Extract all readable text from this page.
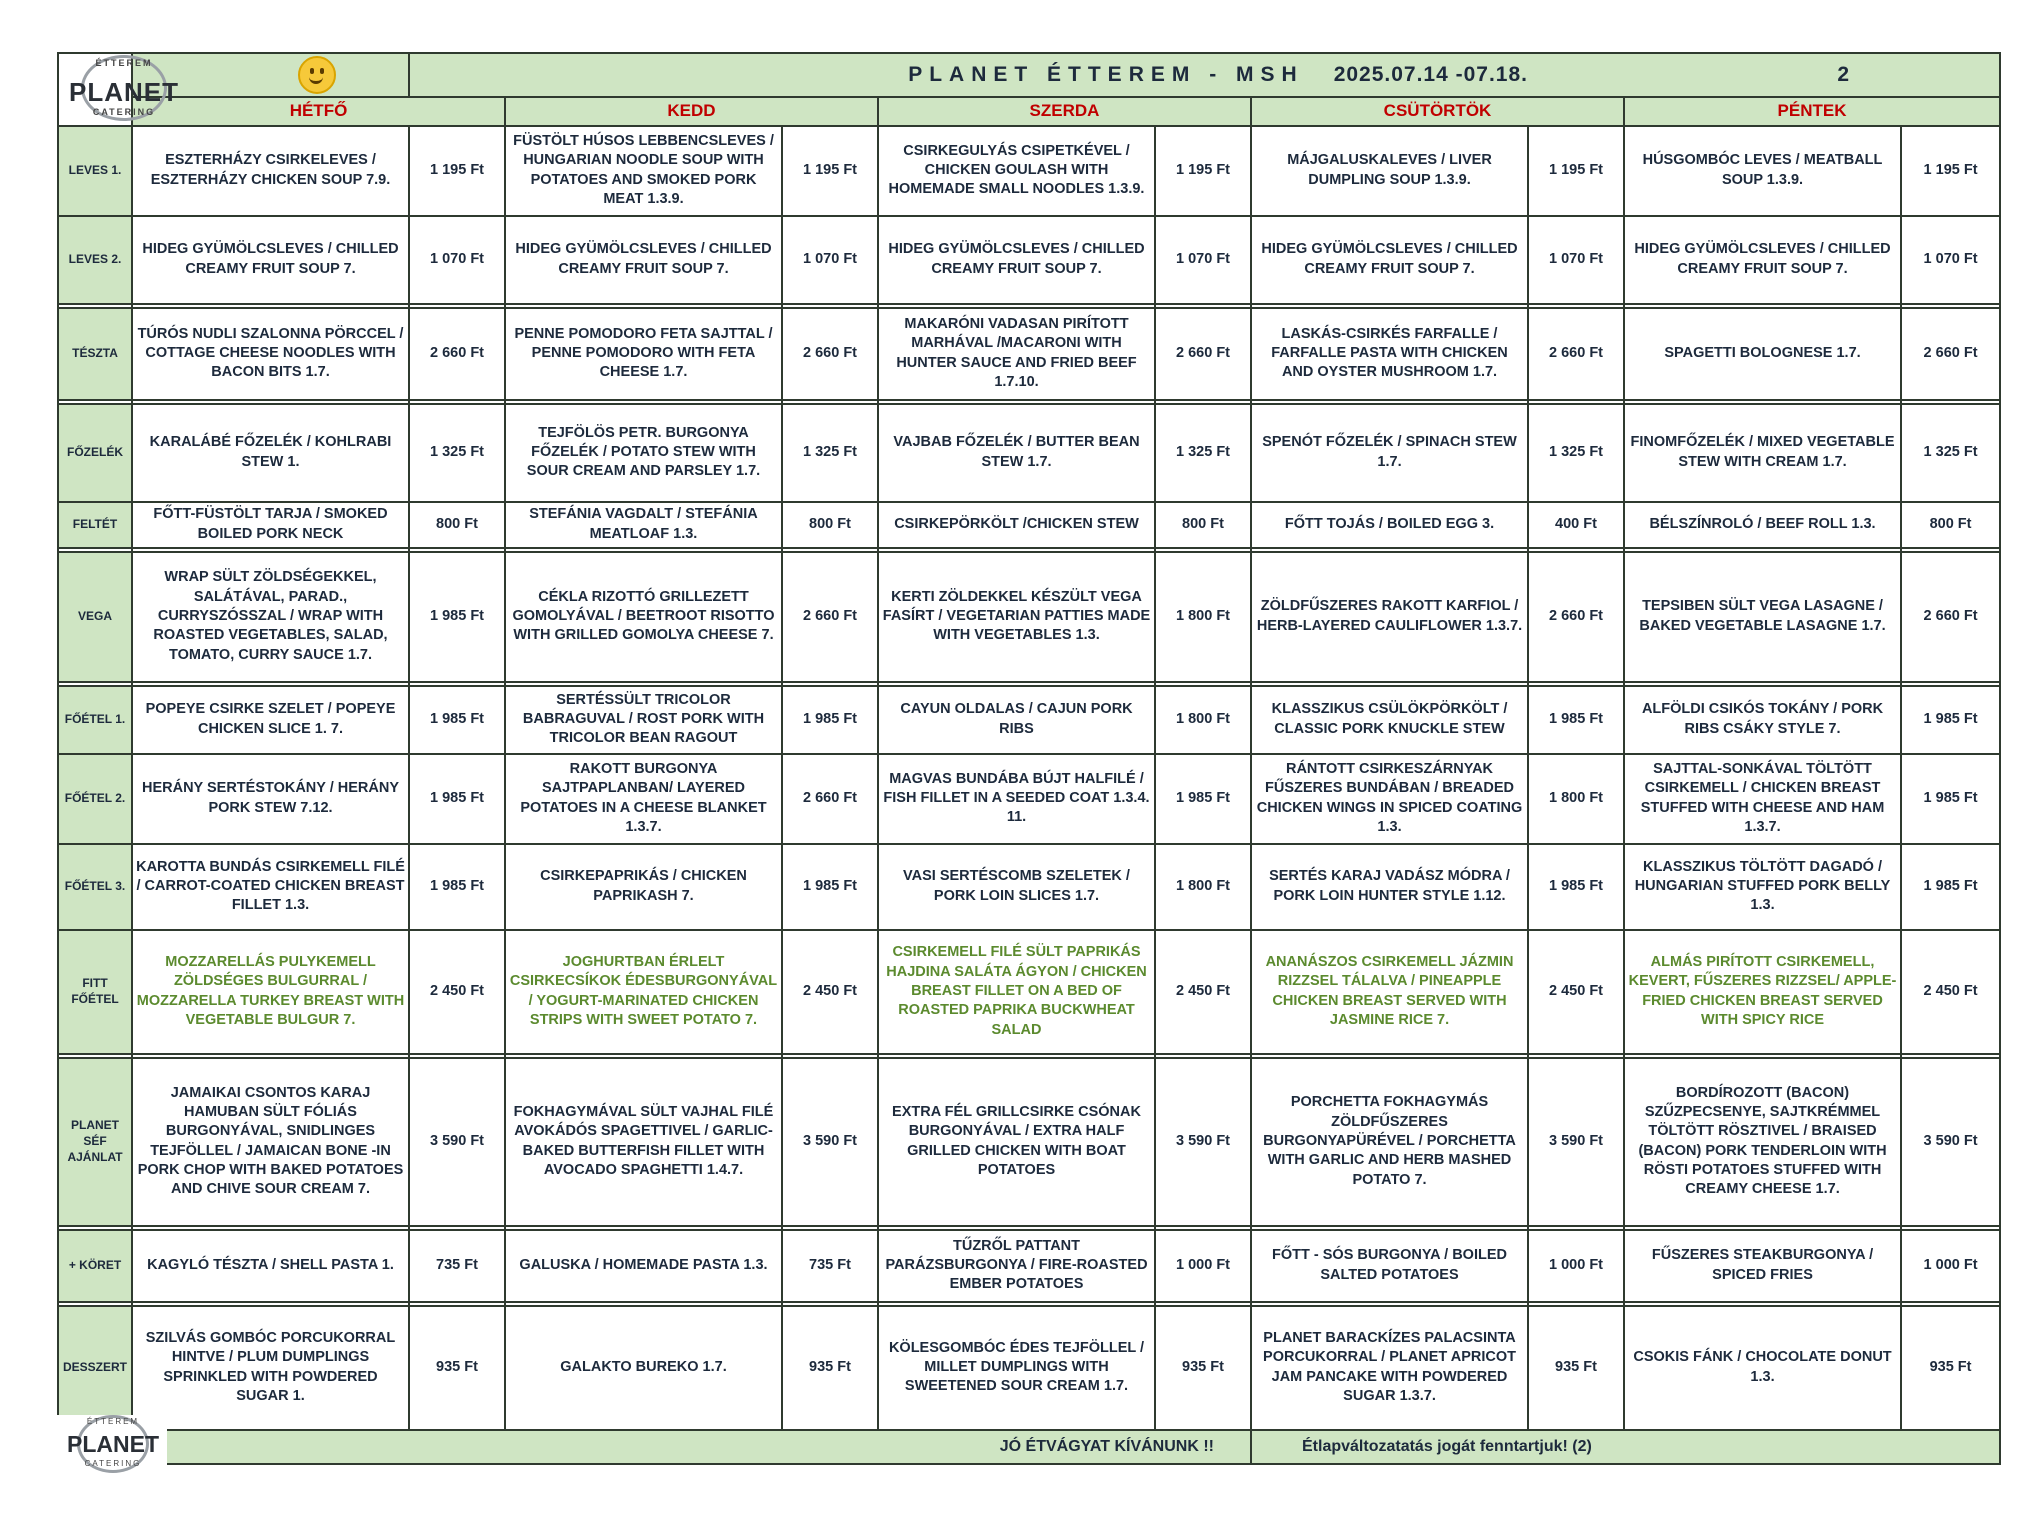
ÉTTEREM
PLANET
CATERING		PLANET ÉTTEREM - MSH 2025.07.14 -07.18.						2		
	HÉTFŐ		KEDD		SZERDA		CSÜTÖRTÖK		PÉNTEK	
LEVES 1.	ESZTERHÁZY CSIRKELEVES / ESZTERHÁZY CHICKEN SOUP 7.9.	1 195 Ft	FÜSTÖLT HÚSOS LEBBENCSLEVES / HUNGARIAN NOODLE SOUP WITH POTATOES AND SMOKED PORK MEAT 1.3.9.	1 195 Ft	CSIRKEGULYÁS CSIPETKÉVEL / CHICKEN GOULASH WITH HOMEMADE SMALL NOODLES 1.3.9.	1 195 Ft	MÁJGALUSKALEVES / LIVER DUMPLING SOUP 1.3.9.	1 195 Ft	HÚSGOMBÓC LEVES / MEATBALL SOUP 1.3.9.	1 195 Ft
LEVES 2.	HIDEG GYÜMÖLCSLEVES / CHILLED CREAMY FRUIT SOUP 7.	1 070 Ft	HIDEG GYÜMÖLCSLEVES / CHILLED CREAMY FRUIT SOUP 7.	1 070 Ft	HIDEG GYÜMÖLCSLEVES / CHILLED CREAMY FRUIT SOUP 7.	1 070 Ft	HIDEG GYÜMÖLCSLEVES / CHILLED CREAMY FRUIT SOUP 7.	1 070 Ft	HIDEG GYÜMÖLCSLEVES / CHILLED CREAMY FRUIT SOUP 7.	1 070 Ft

TÉSZTA	TÚRÓS NUDLI SZALONNA PÖRCCEL / COTTAGE CHEESE NOODLES WITH BACON BITS 1.7.	2 660 Ft	PENNE POMODORO FETA SAJTTAL / PENNE POMODORO WITH FETA CHEESE 1.7.	2 660 Ft	MAKARÓNI VADASAN PIRÍTOTT MARHÁVAL /MACARONI WITH HUNTER SAUCE AND FRIED BEEF 1.7.10.	2 660 Ft	LASKÁS-CSIRKÉS FARFALLE / FARFALLE PASTA WITH CHICKEN AND OYSTER MUSHROOM 1.7.	2 660 Ft	SPAGETTI BOLOGNESE 1.7.	2 660 Ft

FŐZELÉK	KARALÁBÉ FŐZELÉK / KOHLRABI STEW 1.	1 325 Ft	TEJFÖLÖS PETR. BURGONYA FŐZELÉK / POTATO STEW WITH SOUR CREAM AND PARSLEY 1.7.	1 325 Ft	VAJBAB FŐZELÉK / BUTTER BEAN STEW 1.7.	1 325 Ft	SPENÓT FŐZELÉK / SPINACH STEW 1.7.	1 325 Ft	FINOMFŐZELÉK / MIXED VEGETABLE STEW WITH CREAM 1.7.	1 325 Ft
FELTÉT	FŐTT-FÜSTÖLT TARJA / SMOKED BOILED PORK NECK	800 Ft	STEFÁNIA VAGDALT / STEFÁNIA MEATLOAF 1.3.	800 Ft	CSIRKEPÖRKÖLT /CHICKEN STEW	800 Ft	FŐTT TOJÁS / BOILED EGG 3.	400 Ft	BÉLSZÍNROLÓ / BEEF ROLL 1.3.	800 Ft

VEGA	WRAP SÜLT ZÖLDSÉGEKKEL, SALÁTÁVAL, PARAD., CURRYSZÓSSZAL / WRAP WITH ROASTED VEGETABLES, SALAD, TOMATO, CURRY SAUCE 1.7.	1 985 Ft	CÉKLA RIZOTTÓ GRILLEZETT GOMOLYÁVAL / BEETROOT RISOTTO WITH GRILLED GOMOLYA CHEESE 7.	2 660 Ft	KERTI ZÖLDEKKEL KÉSZÜLT VEGA FASÍRT / VEGETARIAN PATTIES MADE WITH VEGETABLES 1.3.	1 800 Ft	ZÖLDFŰSZERES RAKOTT KARFIOL / HERB-LAYERED CAULIFLOWER 1.3.7.	2 660 Ft	TEPSIBEN SÜLT VEGA LASAGNE / BAKED VEGETABLE LASAGNE 1.7.	2 660 Ft

FŐÉTEL 1.	POPEYE CSIRKE SZELET / POPEYE CHICKEN SLICE 1. 7.	1 985 Ft	SERTÉSSÜLT TRICOLOR BABRAGUVAL / ROST PORK WITH TRICOLOR BEAN RAGOUT	1 985 Ft	CAYUN OLDALAS / CAJUN PORK RIBS	1 800 Ft	KLASSZIKUS CSÜLÖKPÖRKÖLT / CLASSIC PORK KNUCKLE STEW	1 985 Ft	ALFÖLDI CSIKÓS TOKÁNY / PORK RIBS CSÁKY STYLE 7.	1 985 Ft
FŐÉTEL 2.	HERÁNY SERTÉSTOKÁNY / HERÁNY PORK STEW 7.12.	1 985 Ft	RAKOTT BURGONYA SAJTPAPLANBAN/ LAYERED POTATOES IN A CHEESE BLANKET 1.3.7.	2 660 Ft	MAGVAS BUNDÁBA BÚJT HALFILÉ / FISH FILLET IN A SEEDED COAT 1.3.4. 11.	1 985 Ft	RÁNTOTT CSIRKESZÁRNYAK FŰSZERES BUNDÁBAN / BREADED CHICKEN WINGS IN SPICED COATING 1.3.	1 800 Ft	SAJTTAL-SONKÁVAL TÖLTÖTT CSIRKEMELL / CHICKEN BREAST STUFFED WITH CHEESE AND HAM 1.3.7.	1 985 Ft
FŐÉTEL 3.	KAROTTA BUNDÁS CSIRKEMELL FILÉ / CARROT-COATED CHICKEN BREAST FILLET 1.3.	1 985 Ft	CSIRKEPAPRIKÁS / CHICKEN PAPRIKASH 7.	1 985 Ft	VASI SERTÉSCOMB SZELETEK / PORK LOIN SLICES 1.7.	1 800 Ft	SERTÉS KARAJ VADÁSZ MÓDRA / PORK LOIN HUNTER STYLE 1.12.	1 985 Ft	KLASSZIKUS TÖLTÖTT DAGADÓ / HUNGARIAN STUFFED PORK BELLY 1.3.	1 985 Ft
FITT FŐÉTEL	MOZZARELLÁS PULYKEMELL ZÖLDSÉGES BULGURRAL / MOZZARELLA TURKEY BREAST WITH VEGETABLE BULGUR 7.	2 450 Ft	JOGHURTBAN ÉRLELT CSIRKECSÍKOK ÉDESBURGONYÁVAL / YOGURT-MARINATED CHICKEN STRIPS WITH SWEET POTATO 7.	2 450 Ft	CSIRKEMELL FILÉ SÜLT PAPRIKÁS HAJDINA SALÁTA ÁGYON / CHICKEN BREAST FILLET ON A BED OF ROASTED PAPRIKA BUCKWHEAT SALAD	2 450 Ft	ANANÁSZOS CSIRKEMELL JÁZMIN RIZZSEL TÁLALVA / PINEAPPLE CHICKEN BREAST SERVED WITH JASMINE RICE 7.	2 450 Ft	ALMÁS PIRÍTOTT CSIRKEMELL, KEVERT, FŰSZERES RIZZSEL/ APPLE-FRIED CHICKEN BREAST SERVED WITH SPICY RICE	2 450 Ft

PLANET SÉF AJÁNLAT	JAMAIKAI CSONTOS KARAJ HAMUBAN SÜLT FÓLIÁS BURGONYÁVAL, SNIDLINGES TEJFÖLLEL / JAMAICAN BONE -IN PORK CHOP WITH BAKED POTATOES AND CHIVE SOUR CREAM 7.	3 590 Ft	FOKHAGYMÁVAL SÜLT VAJHAL FILÉ AVOKÁDÓS SPAGETTIVEL / GARLIC-BAKED BUTTERFISH FILLET WITH AVOCADO SPAGHETTI 1.4.7.	3 590 Ft	EXTRA FÉL GRILLCSIRKE CSÓNAK BURGONYÁVAL / EXTRA HALF GRILLED CHICKEN WITH BOAT POTATOES	3 590 Ft	PORCHETTA FOKHAGYMÁS ZÖLDFŰSZERES BURGONYAPÜRÉVEL / PORCHETTA WITH GARLIC AND HERB MASHED POTATO 7.	3 590 Ft	BORDÍROZOTT (BACON) SZŰZPECSENYE, SAJTKRÉMMEL TÖLTÖTT RÖSZTIVEL / BRAISED (BACON) PORK TENDERLOIN WITH RÖSTI POTATOES STUFFED WITH CREAMY CHEESE 1.7.	3 590 Ft

+ KÖRET	KAGYLÓ TÉSZTA / SHELL PASTA 1.	735 Ft	GALUSKA / HOMEMADE PASTA 1.3.	735 Ft	TŰZRŐL PATTANT PARÁZSBURGONYA / FIRE-ROASTED EMBER POTATOES	1 000 Ft	FŐTT - SÓS BURGONYA / BOILED SALTED POTATOES	1 000 Ft	FŰSZERES STEAKBURGONYA / SPICED FRIES	1 000 Ft

DESSZERT	SZILVÁS GOMBÓC PORCUKORRAL HINTVE / PLUM DUMPLINGS SPRINKLED WITH POWDERED SUGAR 1.	935 Ft	GALAKTO BUREKO 1.7.	935 Ft	KÖLESGOMBÓC ÉDES TEJFÖLLEL / MILLET DUMPLINGS WITH SWEETENED SOUR CREAM 1.7.	935 Ft	PLANET BARACKÍZES PALACSINTA PORCUKORRAL / PLANET APRICOT JAM PANCAKE WITH POWDERED SUGAR 1.3.7.	935 Ft	CSOKIS FÁNK / CHOCOLATE DONUT 1.3.	935 Ft
	JÓ ÉTVÁGYAT KÍVÁNUNK !!						Étlapváltozatatás jogát fenntartjuk! (2)			
ÉTTEREM
PLANET
CATERING
